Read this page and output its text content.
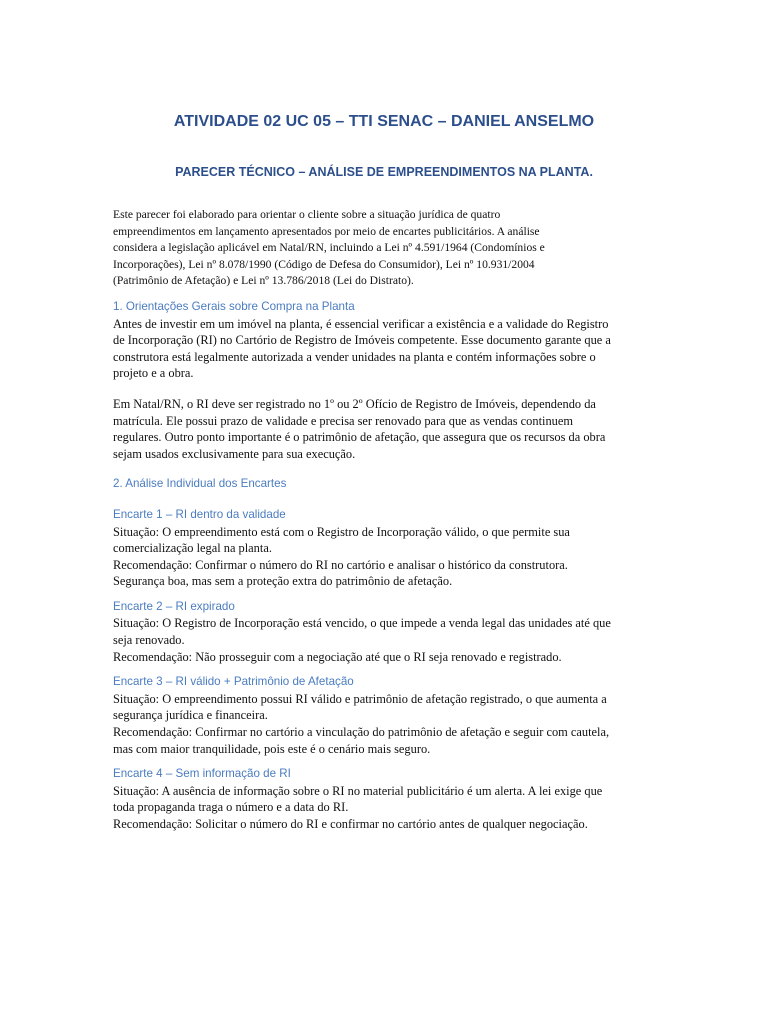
ATIVIDADE 02 UC 05 – TTI SENAC – DANIEL ANSELMO
PARECER TÉCNICO – ANÁLISE DE EMPREENDIMENTOS NA PLANTA.

Este parecer foi elaborado para orientar o cliente sobre a situação jurídica de quatro

empreendimentos em lançamento apresentados por meio de encartes publicitários. A análise

considera a legislação aplicável em Natal/RN, incluindo a Lei nº 4.591/1964 (Condomínios e

Incorporações), Lei nº 8.078/1990 (Código de Defesa do Consumidor), Lei nº 10.931/2004

(Patrimônio de Afetação) e Lei nº 13.786/2018 (Lei do Distrato).

1. Orientações Gerais sobre Compra na Planta

Antes de investir em um imóvel na planta, é essencial verificar a existência e a validade do Registro

de Incorporação (RI) no Cartório de Registro de Imóveis competente. Esse documento garante que a

construtora está legalmente autorizada a vender unidades na planta e contém informações sobre o

projeto e a obra.

Em Natal/RN, o RI deve ser registrado no 1º ou 2º Ofício de Registro de Imóveis, dependendo da

matrícula. Ele possui prazo de validade e precisa ser renovado para que as vendas continuem

regulares. Outro ponto importante é o patrimônio de afetação, que assegura que os recursos da obra

sejam usados exclusivamente para sua execução.

2. Análise Individual dos Encartes
Encarte 1 – RI dentro da validade

Situação: O empreendimento está com o Registro de Incorporação válido, o que permite sua

comercialização legal na planta.

Recomendação: Confirmar o número do RI no cartório e analisar o histórico da construtora.

Segurança boa, mas sem a proteção extra do patrimônio de afetação.

Encarte 2 – RI expirado

Situação: O Registro de Incorporação está vencido, o que impede a venda legal das unidades até que

seja renovado.

Recomendação: Não prosseguir com a negociação até que o RI seja renovado e registrado.

Encarte 3 – RI válido + Patrimônio de Afetação

Situação: O empreendimento possui RI válido e patrimônio de afetação registrado, o que aumenta a

segurança jurídica e financeira.

Recomendação: Confirmar no cartório a vinculação do patrimônio de afetação e seguir com cautela,

mas com maior tranquilidade, pois este é o cenário mais seguro.

Encarte 4 – Sem informação de RI

Situação: A ausência de informação sobre o RI no material publicitário é um alerta. A lei exige que

toda propaganda traga o número e a data do RI.

Recomendação: Solicitar o número do RI e confirmar no cartório antes de qualquer negociação.
